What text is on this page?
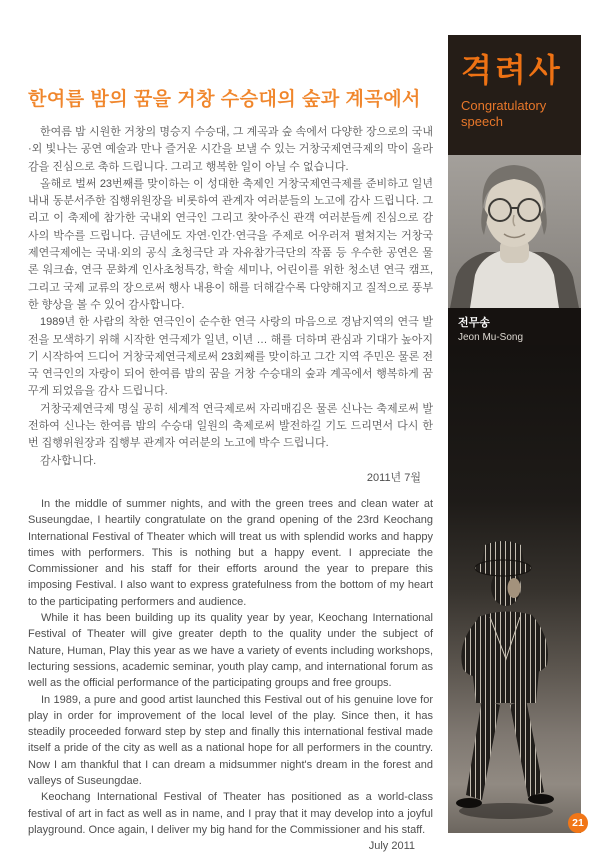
한여름 밤의 꿈을 거창 수승대의 숲과 계곡에서

한여름 밤 시원한 거창의 명승지 수승대, 그 계곡과 숲 속에서 다양한 장으로의 국내·외 빛나는 공연 예술과 만나 즐거운 시간을 보낼 수 있는 거창국제연극제의 막이 올라감을 진심으로 축하 드립니다. 그리고 행복한 일이 아닐 수 없습니다.

올해로 벌써 23번째를 맞이하는 이 성대한 축제인 거창국제연극제를 준비하고 일년 내내 동분서주한 집행위원장을 비롯하여 관계자 여러분들의 노고에 감사 드립니다. 그리고 이 축제에 참가한 국내외 연극인 그리고 찾아주신 관객 여러분들께 진심으로 감사의 박수를 드립니다. 금년에도 자연·인간·연극을 주제로 어우러져 펼쳐지는 거창국제연극제에는 국내·외의 공식 초청극단 과 자유참가극단의 작품 등 우수한 공연은 물론 워크숍, 연극 문화계 인사초청특강, 학술 세미나, 어린이를 위한 청소년 연극 캠프, 그리고 국제 교류의 장으로써 행사 내용이 해를 더해갈수록 다양해지고 질적으로 풍부한 향상을 볼 수 있어 감사합니다.

1989년 한 사람의 착한 연극인이 순수한 연극 사랑의 마음으로 경남지역의 연극 발전을 모색하기 위해 시작한 연극제가 일년, 이년 … 해를 더하며 관심과 기대가 높아지기 시작하여 드디어 거창국제연극제로써 23회째를 맞이하고 그간 지역 주민은 물론 전국 연극인의 자랑이 되어 한여름 밤의 꿈을 거창 수승대의 숲과 계곡에서 행복하게 꿈꾸게 되었음을 감사 드립니다.

거창국제연극제 명실 공히 세계적 연극제로써 자리매김은 물론 신나는 축제로써 발전하여 신나는 한여름 밤의 수승대 일원의 축제로써 발전하길 기도 드리면서 다시 한 번 집행위원장과 집행부 관계자 여러분의 노고에 박수 드립니다.

감사합니다.

2011년 7월

In the middle of summer nights, and with the green trees and clean water at Suseungdae, I heartily congratulate on the grand opening of the 23rd Keochang International Festival of Theater which will treat us with splendid works and happy times with performers. This is nothing but a happy event. I appreciate the Commissioner and his staff for their efforts around the year to prepare this imposing Festival. I also want to express gratefulness from the bottom of my heart to the participating performers and audience.

While it has been building up its quality year by year, Keochang International Festival of Theater will give greater depth to the quality under the subject of Nature, Human, Play this year as we have a variety of events including workshops, lecturing sessions, academic seminar, youth play camp, and international forum as well as the official performance of the participating groups and free groups.

In 1989, a pure and good artist launched this Festival out of his genuine love for play in order for improvement of the local level of the play. Since then, it has steadily proceeded forward step by step and finally this international festival made itself a pride of the city as well as a national hope for all performers in the country. Now I am thankful that I can dream a midsummer night's dream in the forest and valleys of Suseungdae.

Keochang International Festival of Theater has positioned as a world-class festival of art in fact as well as in name, and I pray that it may develop into a joyful playground. Once again, I deliver my big hand for the Commissioner and his staff.

July 2011

격려사
Congratulatory speech
전무송
Jeon Mu-Song
21
